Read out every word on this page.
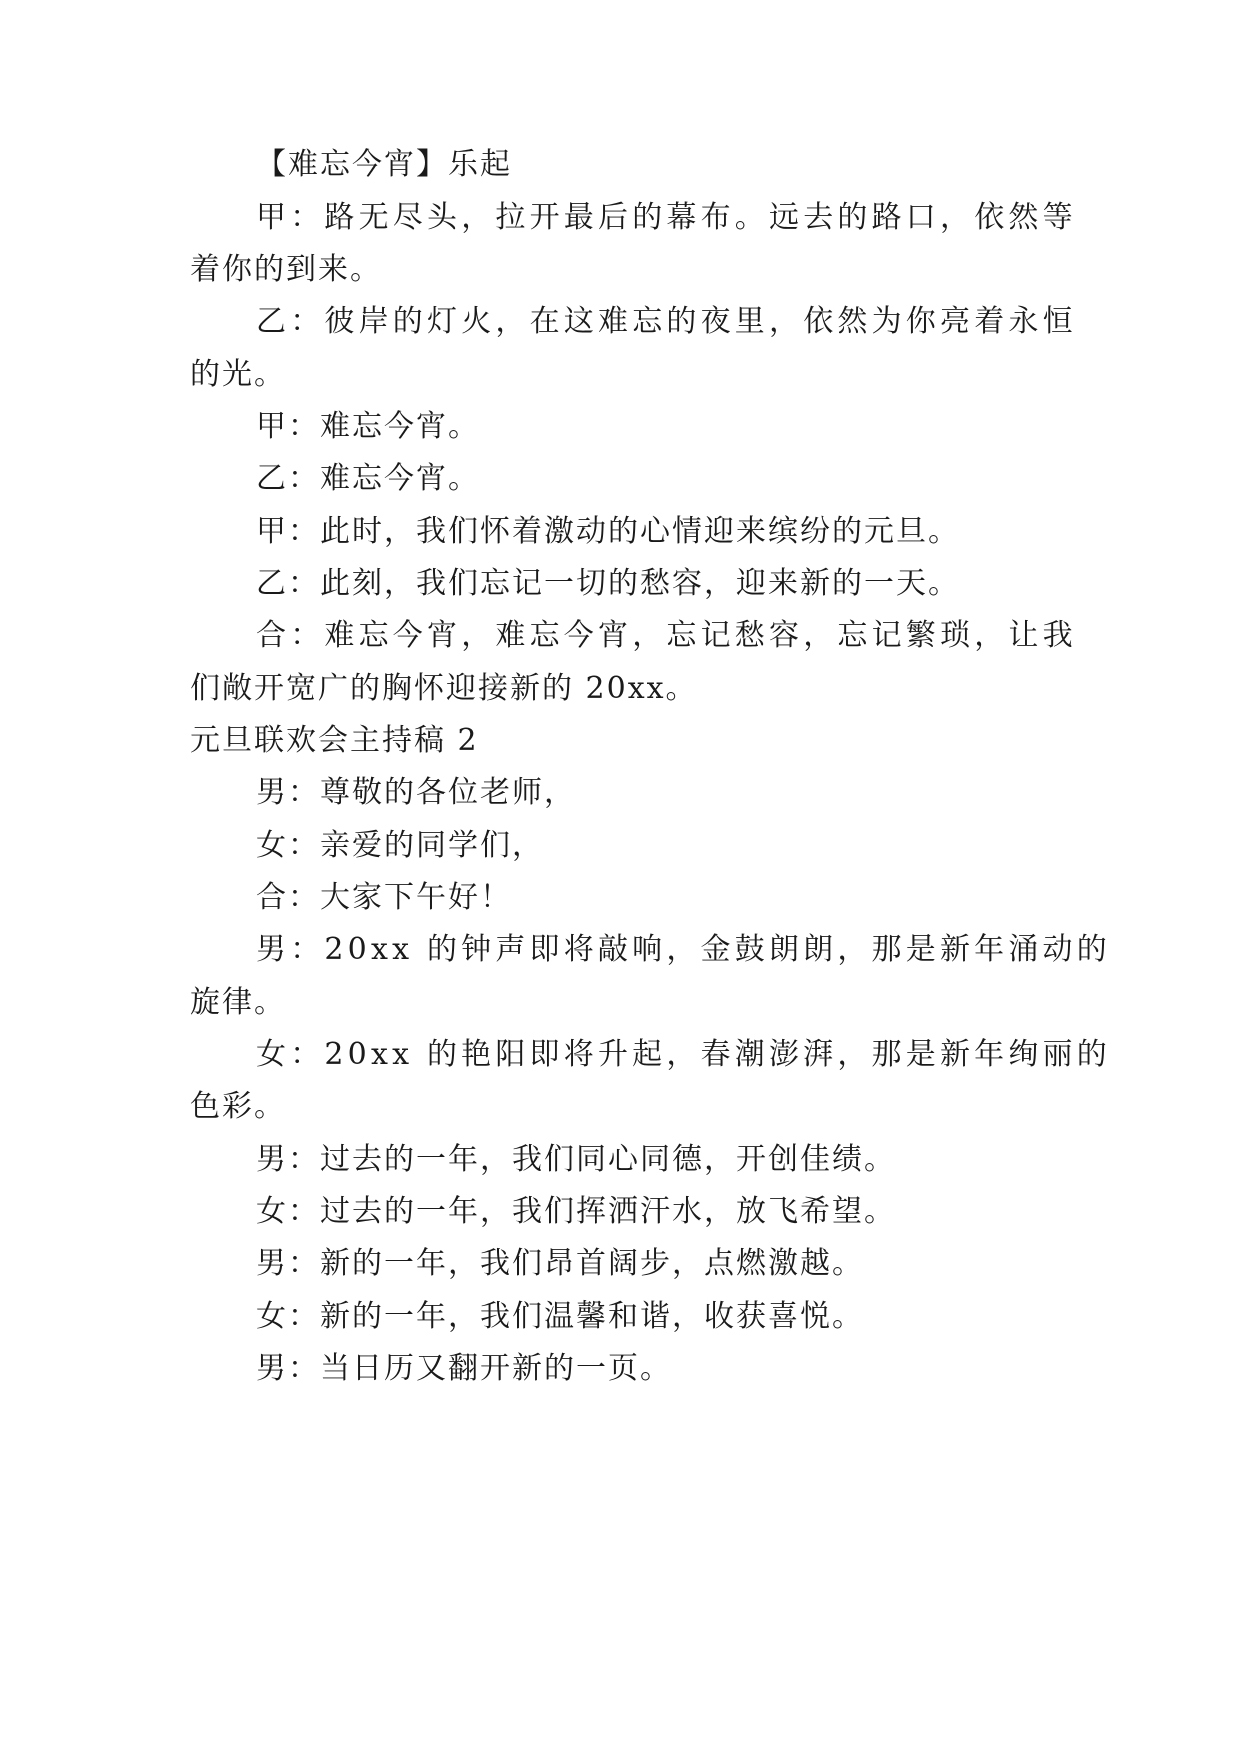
【难忘今宵】乐起
甲：路无尽头，拉开最后的幕布。远去的路口，依然等
着你的到来。
乙：彼岸的灯火，在这难忘的夜里，依然为你亮着永恒
的光。
甲：难忘今宵。
乙：难忘今宵。
甲：此时，我们怀着激动的心情迎来缤纷的元旦。
乙：此刻，我们忘记一切的愁容，迎来新的一天。
合：难忘今宵，难忘今宵，忘记愁容，忘记繁琐，让我
们敞开宽广的胸怀迎接新的 20xx。
元旦联欢会主持稿 2
男：尊敬的各位老师，
女：亲爱的同学们，
合：大家下午好！
男：20xx 的钟声即将敲响，金鼓朗朗，那是新年涌动的
旋律。
女：20xx 的艳阳即将升起，春潮澎湃，那是新年绚丽的
色彩。
男：过去的一年，我们同心同德，开创佳绩。
女：过去的一年，我们挥洒汗水，放飞希望。
男：新的一年，我们昂首阔步，点燃激越。
女：新的一年，我们温馨和谐，收获喜悦。
男：当日历又翻开新的一页。
